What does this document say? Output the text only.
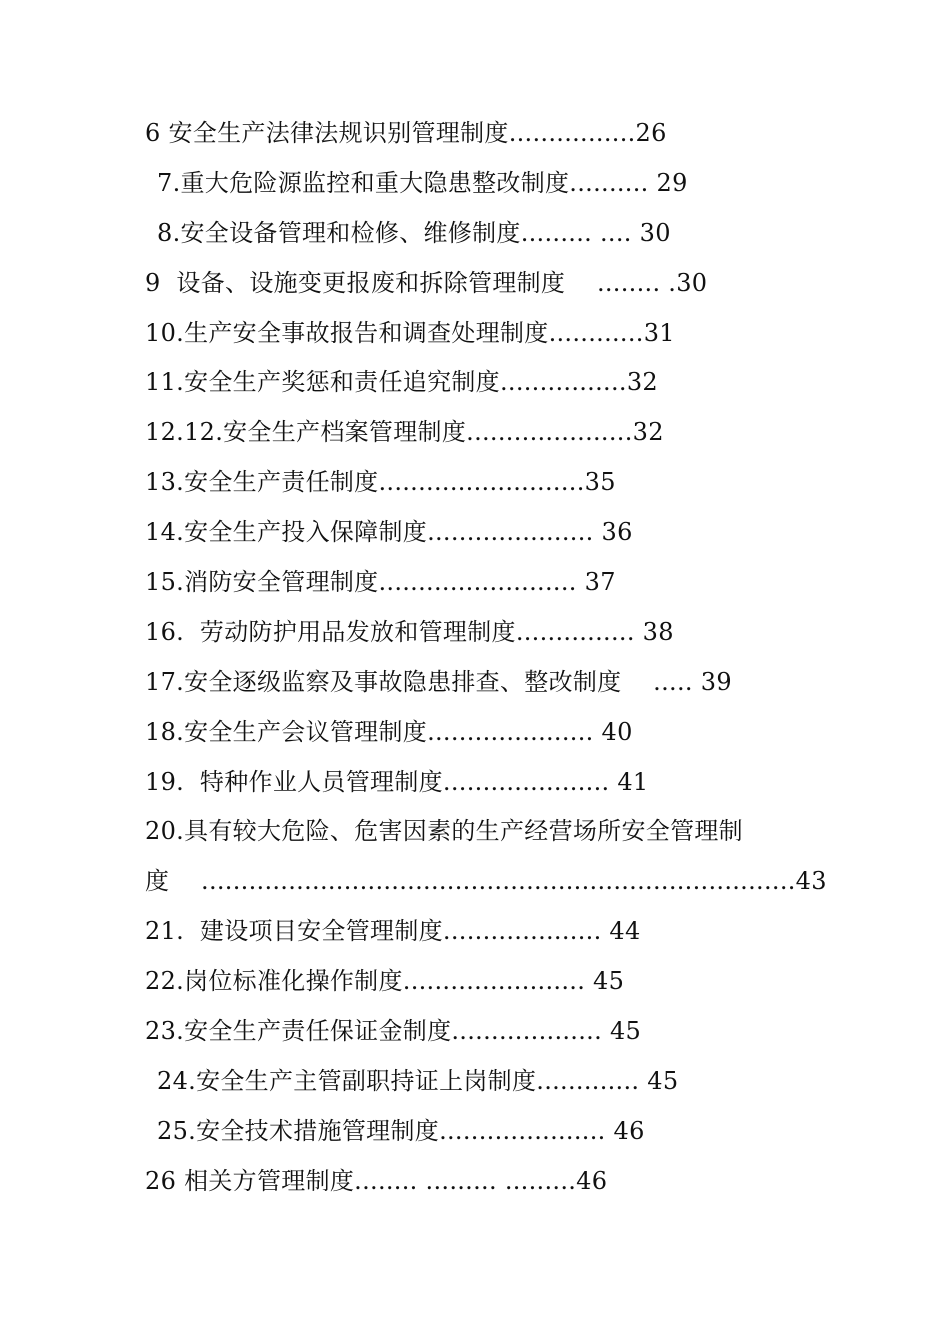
6 安全生产法律法规识别管理制度................26
7.重大危险源监控和重大隐患整改制度.......... 29
8.安全设备管理和检修、维修制度......... .... 30
9  设备、设施变更报废和拆除管理制度    ........ .30
10.生产安全事故报告和调查处理制度............31
11.安全生产奖惩和责任追究制度................32
12.12.安全生产档案管理制度.....................32
13.安全生产责任制度..........................35
14.安全生产投入保障制度..................... 36
15.消防安全管理制度......................... 37
16.  劳动防护用品发放和管理制度............... 38
17.安全逐级监察及事故隐患排查、整改制度    ..... 39
18.安全生产会议管理制度..................... 40
19.  特种作业人员管理制度..................... 41
20.具有较大危险、危害因素的生产经营场所安全管理制
度    ...........................................................................43
21.  建设项目安全管理制度.................... 44
22.岗位标准化操作制度....................... 45
23.安全生产责任保证金制度................... 45
24.安全生产主管副职持证上岗制度............. 45
25.安全技术措施管理制度..................... 46
26 相关方管理制度........ ......... .........46
